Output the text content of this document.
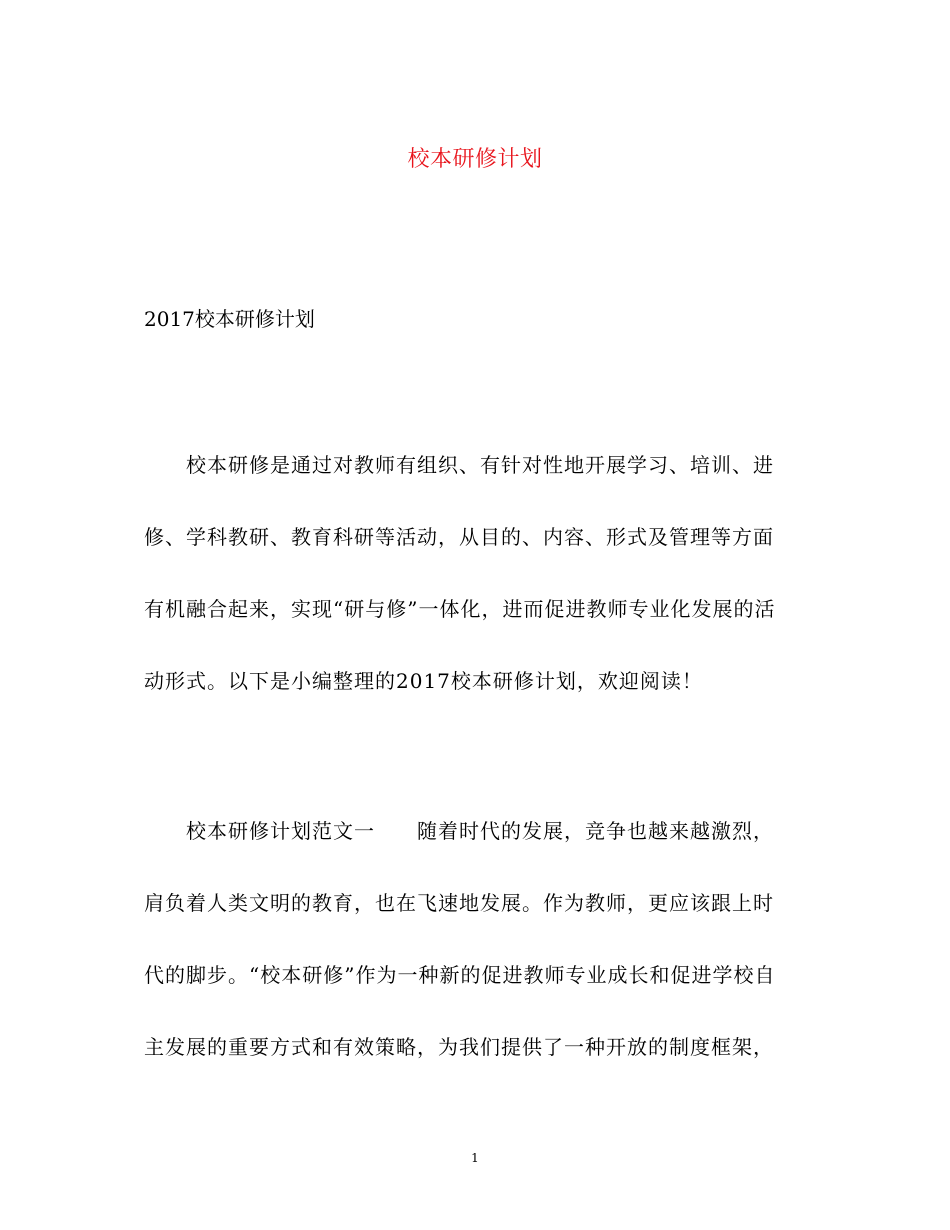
校本研修计划
2017校本研修计划
校本研修是通过对教师有组织、有针对性地开展学习、培训、进
修、学科教研、教育科研等活动，从目的、内容、形式及管理等方面
有机融合起来，实现“研与修”一体化，进而促进教师专业化发展的活
动形式。以下是小编整理的2017校本研修计划，欢迎阅读！
校本研修计划范文一　　随着时代的发展，竞争也越来越激烈，
肩负着人类文明的教育，也在飞速地发展。作为教师，更应该跟上时
代的脚步。“校本研修”作为一种新的促进教师专业成长和促进学校自
主发展的重要方式和有效策略，为我们提供了一种开放的制度框架，
1
